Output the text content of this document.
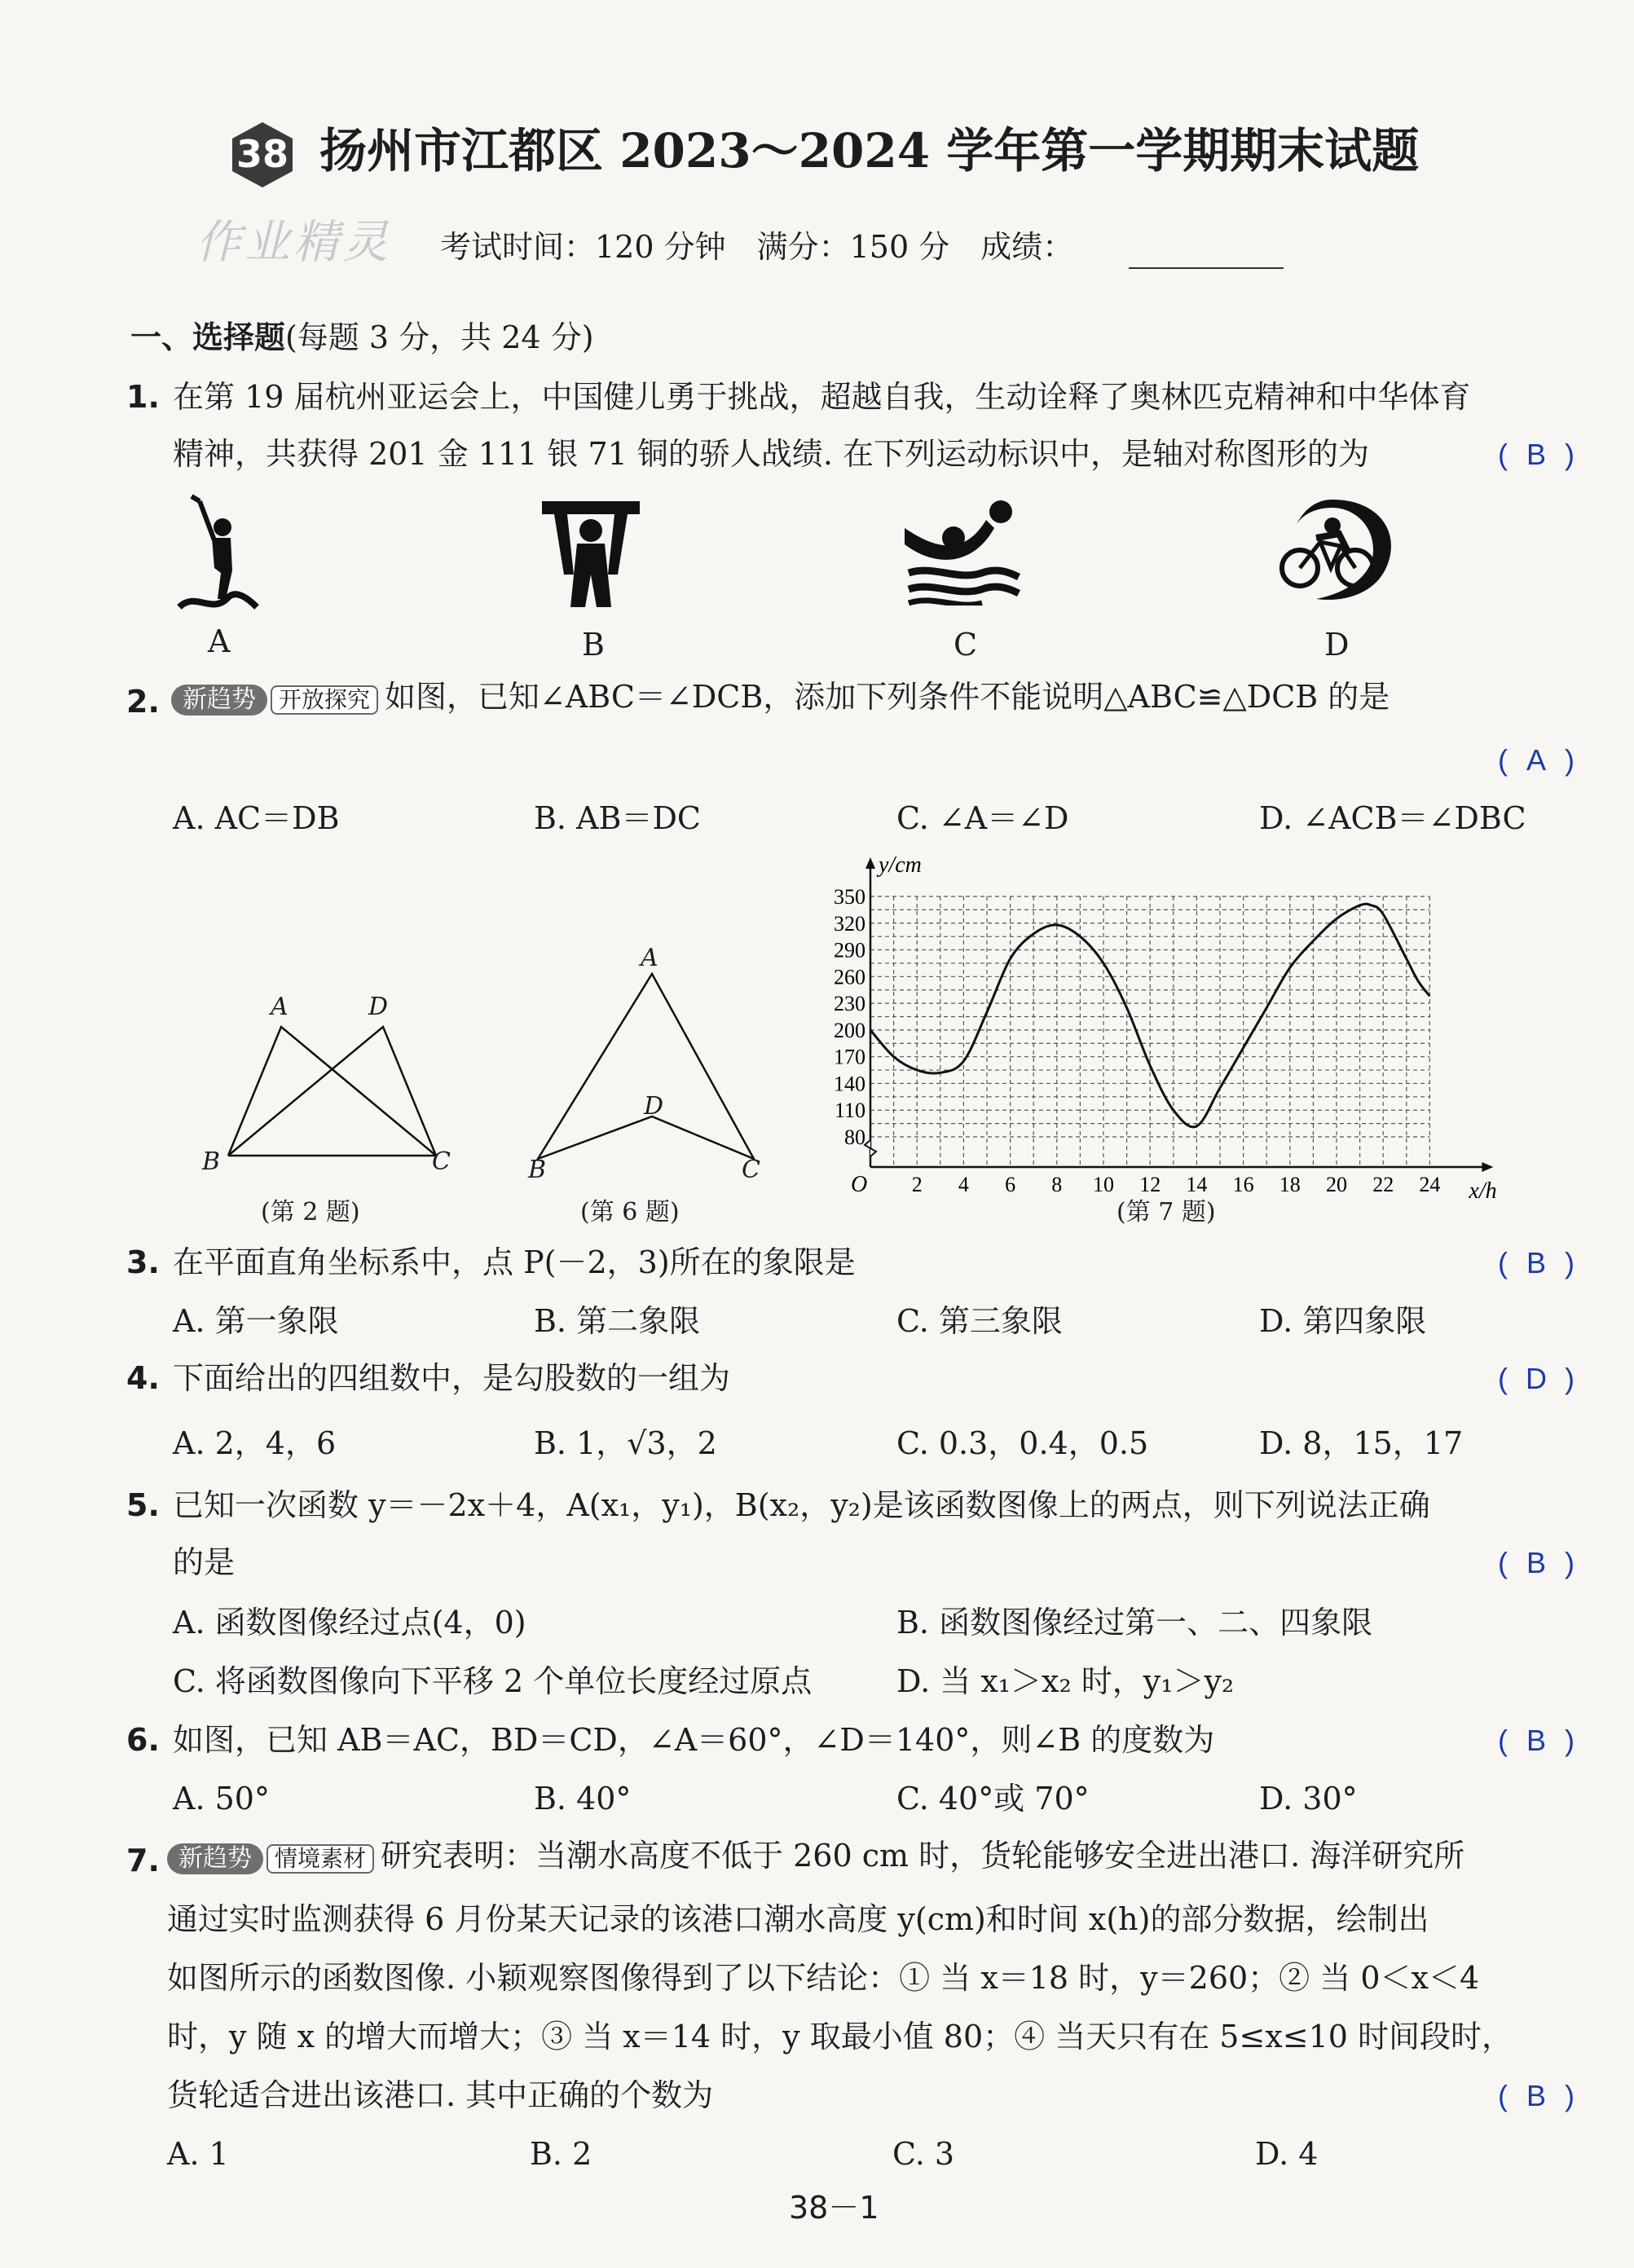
38 扬州市江都区 2023～2024 学年第一学期期末试题
作业精灵 考试时间：120 分钟　满分：150 分　成绩：
一、选择题(每题 3 分，共 24 分)
1. 在第 19 届杭州亚运会上，中国健儿勇于挑战，超越自我，生动诠释了奥林匹克精神和中华体育
精神，共获得 201 金 111 银 71 铜的骄人战绩. 在下列运动标识中，是轴对称图形的为	( B )
A	B	C	D
2. 新趋势 开放探究 如图，已知∠ABC＝∠DCB，添加下列条件不能说明△ABC≌△DCB 的是
( A )
A. AC＝DB	B. AB＝DC	C. ∠A＝∠D	D. ∠ACB＝∠DBC
A	D
B	C
(第 2 题)
A
D
B	C
(第 6 题)
y/cm
x/h
O 2 4 6 8 10 12 14 16 18 20 22 24
80
110
140
170
200
230
260
290
320
350
(第 7 题)
3. 在平面直角坐标系中，点 P(－2，3)所在的象限是	( B )
A. 第一象限	B. 第二象限	C. 第三象限	D. 第四象限
4. 下面给出的四组数中，是勾股数的一组为	( D )
A. 2，4，6	B. 1，√3，2	C. 0.3，0.4，0.5	D. 8，15，17
5. 已知一次函数 y＝－2x＋4，A(x₁，y₁)，B(x₂，y₂)是该函数图像上的两点，则下列说法正确
的是	( B )
A. 函数图像经过点(4，0)	B. 函数图像经过第一、二、四象限
C. 将函数图像向下平移 2 个单位长度经过原点	D. 当 x₁＞x₂ 时，y₁＞y₂
6. 如图，已知 AB＝AC，BD＝CD，∠A＝60°，∠D＝140°，则∠B 的度数为	( B )
A. 50°	B. 40°	C. 40°或 70°	D. 30°
7. 新趋势 情境素材 研究表明：当潮水高度不低于 260 cm 时，货轮能够安全进出港口. 海洋研究所
通过实时监测获得 6 月份某天记录的该港口潮水高度 y(cm)和时间 x(h)的部分数据，绘制出
如图所示的函数图像. 小颖观察图像得到了以下结论：① 当 x＝18 时，y＝260；② 当 0＜x＜4
时，y 随 x 的增大而增大；③ 当 x＝14 时，y 取最小值 80；④ 当天只有在 5≤x≤10 时间段时，
货轮适合进出该港口. 其中正确的个数为	( B )
A. 1	B. 2	C. 3	D. 4
38－1
